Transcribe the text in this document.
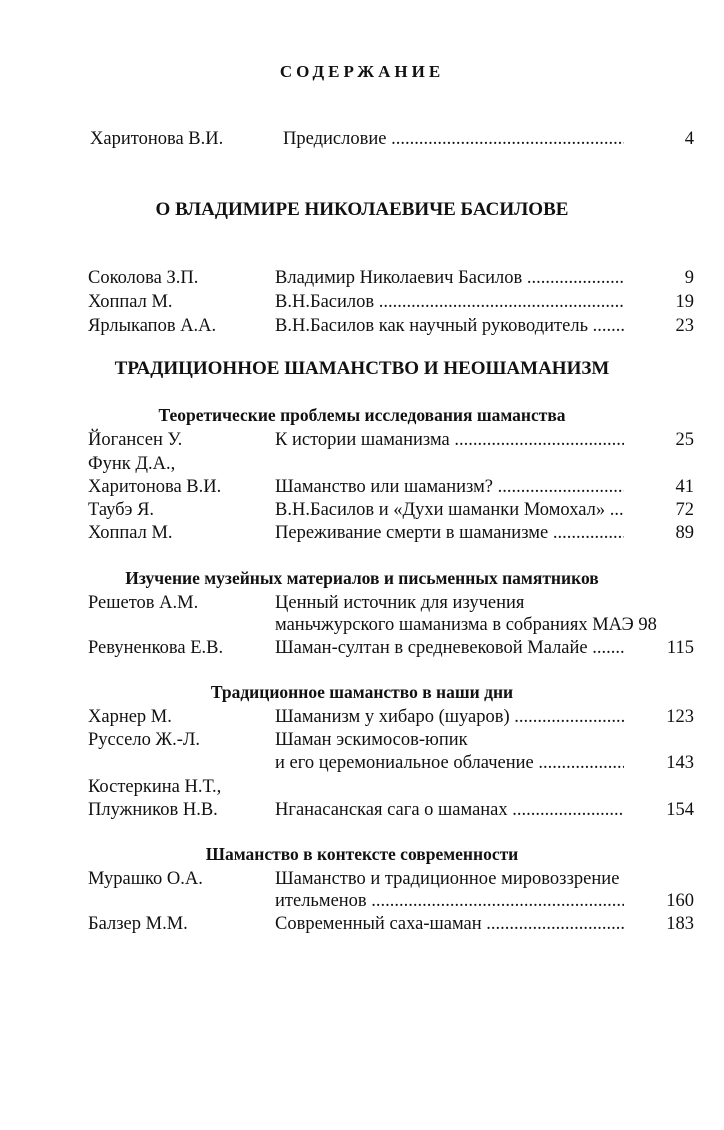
СОДЕРЖАНИЕ
Харитонова В.И.	Предисловие .....	4
О ВЛАДИМИРЕ НИКОЛАЕВИЧЕ БАСИЛОВЕ
Соколова З.П.	Владимир Николаевич Басилов .....	9
Хоппал М.	В.Н.Басилов .....	19
Ярлыкапов А.А.	В.Н.Басилов как научный руководитель .....	23
ТРАДИЦИОННОЕ ШАМАНСТВО И НЕОШАМАНИЗМ
Теоретические проблемы исследования шаманства
Йогансен У.	К истории шаманизма .....	25
Функ Д.А.,
Харитонова В.И.	Шаманство или шаманизм? .....	41
Таубэ Я.	В.Н.Басилов и «Духи шаманки Момохал» .....	72
Хоппал М.	Переживание смерти в шаманизме .....	89
Изучение музейных материалов и письменных памятников
Решетов А.М.	Ценный источник для изучения
маньчжурского шаманизма в собраниях МАЭ 98
Ревуненкова Е.В.	Шаман-султан в средневековой Малайе .....	115
Традиционное шаманство в наши дни
Харнер М.	Шаманизм у хибаро (шуаров) .....	123
Руссело Ж.-Л.	Шаман эскимосов-юпик
и его церемониальное облачение .....	143
Костеркина Н.Т.,
Плужников Н.В.	Нганасанская сага о шаманах .....	154
Шаманство в контексте современности
Мурашко О.А.	Шаманство и традиционное мировоззрение
ительменов .....	160
Балзер М.М.	Современный саха-шаман .....	183
